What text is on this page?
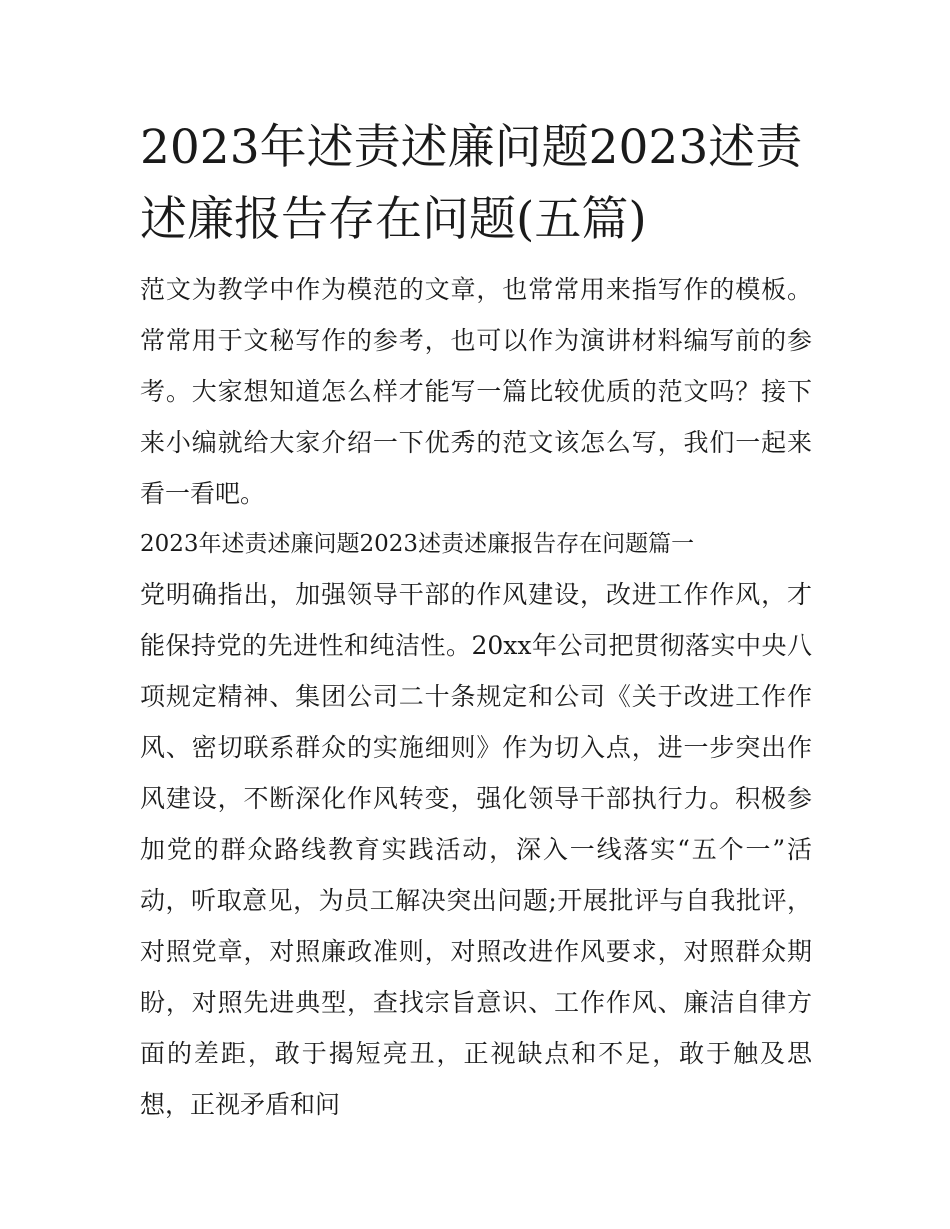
2023年述责述廉问题2023述责述廉报告存在问题(五篇)

范文为教学中作为模范的文章，也常常用来指写作的模板。常常用于文秘写作的参考，也可以作为演讲材料编写前的参考。大家想知道怎么样才能写一篇比较优质的范文吗？接下来小编就给大家介绍一下优秀的范文该怎么写，我们一起来看一看吧。

2023年述责述廉问题2023述责述廉报告存在问题篇一

党明确指出，加强领导干部的作风建设，改进工作作风，才能保持党的先进性和纯洁性。20xx年公司把贯彻落实中央八项规定精神、集团公司二十条规定和公司《关于改进工作作风、密切联系群众的实施细则》作为切入点，进一步突出作风建设，不断深化作风转变，强化领导干部执行力。积极参加党的群众路线教育实践活动，深入一线落实“五个一”活动，听取意见，为员工解决突出问题;开展批评与自我批评，对照党章，对照廉政准则，对照改进作风要求，对照群众期盼，对照先进典型，查找宗旨意识、工作作风、廉洁自律方面的差距，敢于揭短亮丑，正视缺点和不足，敢于触及思想，正视矛盾和问
